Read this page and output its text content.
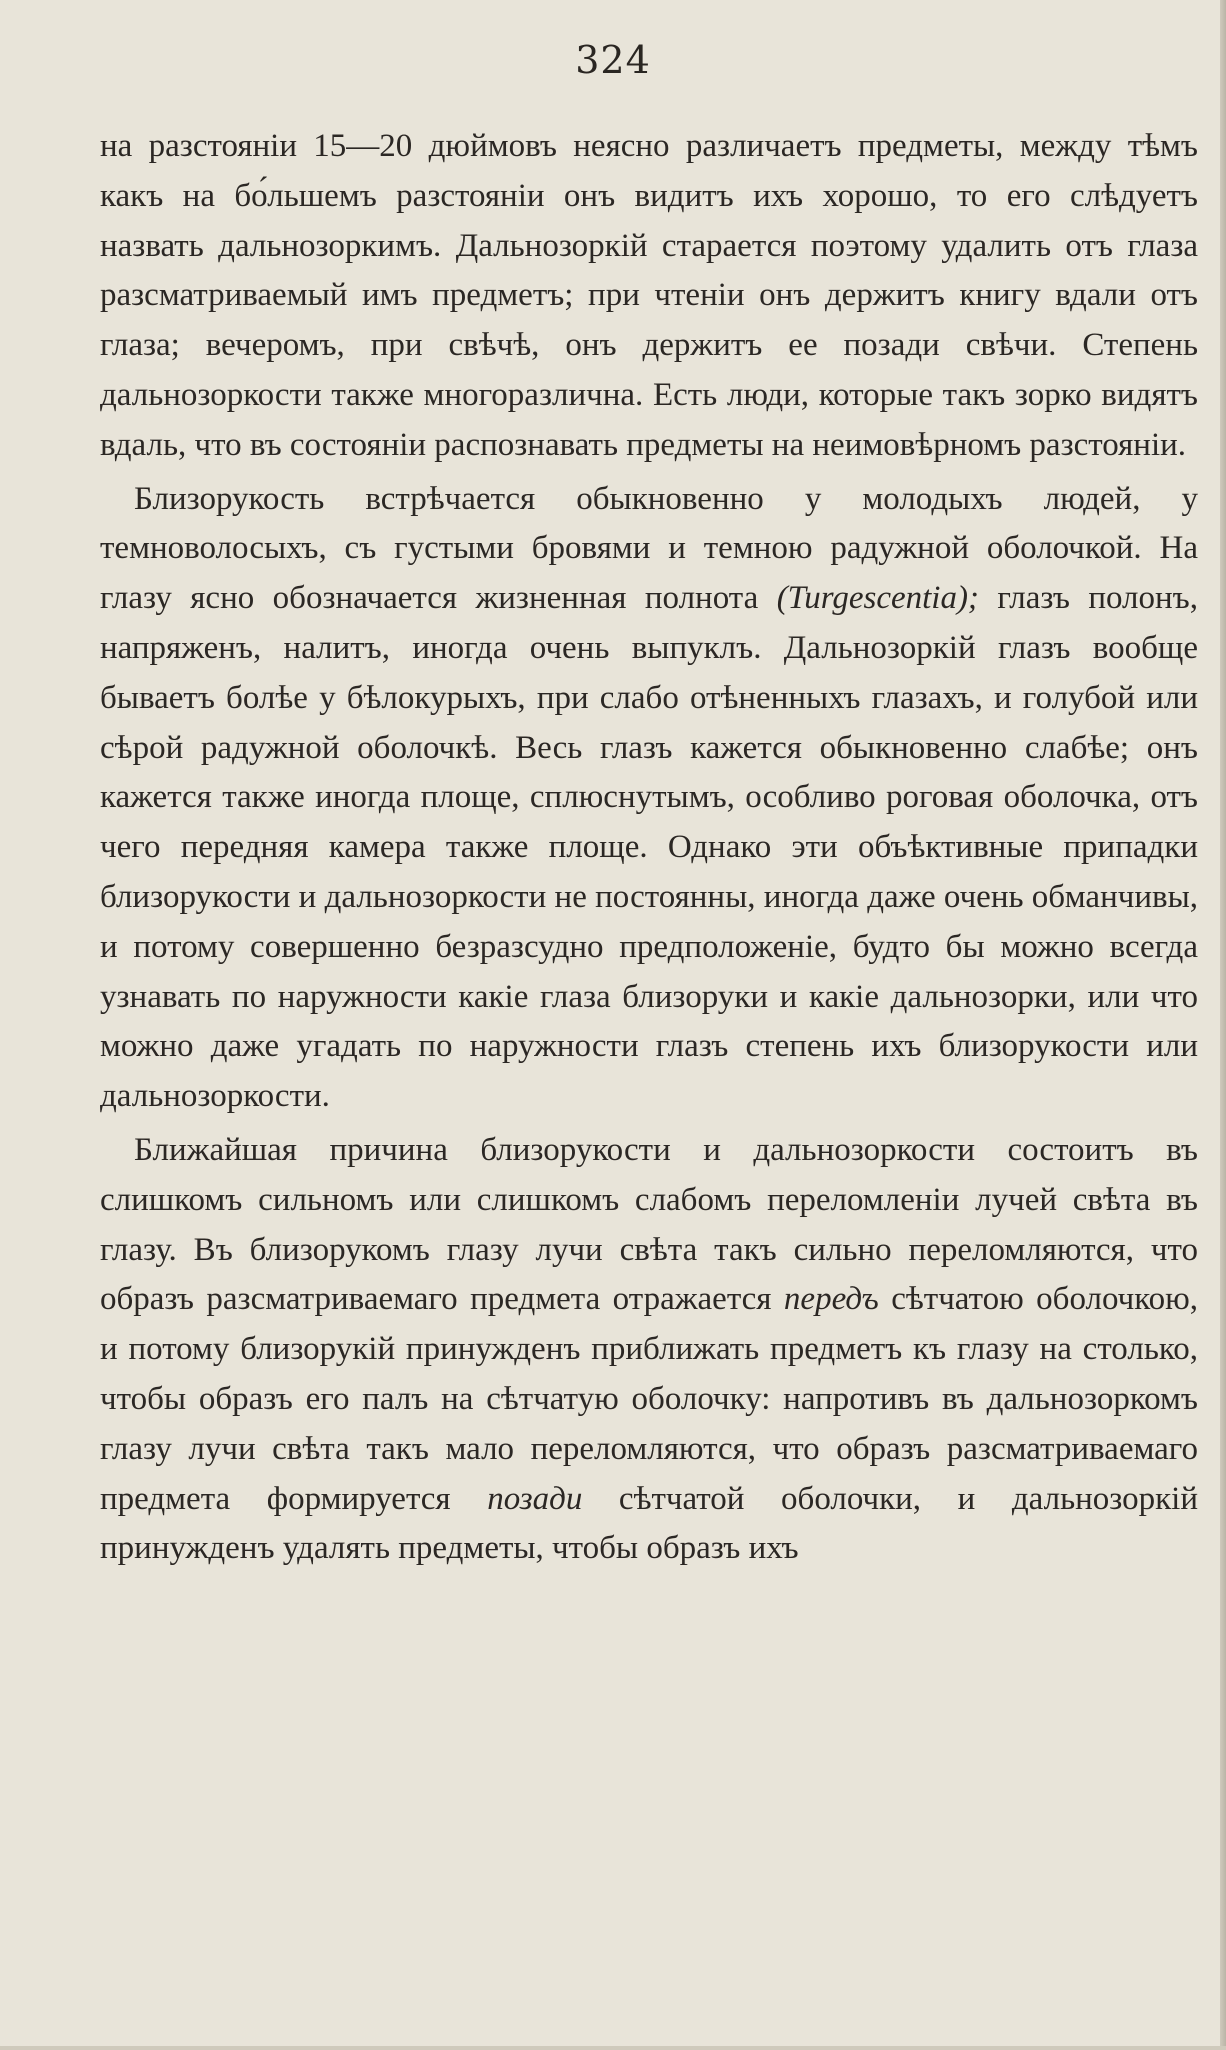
324

на разстояніи 15—20 дюймовъ неясно различаетъ предметы, между тѣмъ какъ на бо́льшемъ разстояніи онъ видитъ ихъ хорошо, то его слѣдуетъ назвать дальнозоркимъ. Дальнозоркій старается поэтому удалить отъ глаза разсматриваемый имъ предметъ; при чтеніи онъ держитъ книгу вдали отъ глаза; вечеромъ, при свѣчѣ, онъ держитъ ее позади свѣчи. Степень дальнозоркости также многоразлична. Есть люди, которые такъ зорко видятъ вдаль, что въ состояніи распознавать предметы на неимовѣрномъ разстояніи.

Близорукость встрѣчается обыкновенно у молодыхъ людей, у темноволосыхъ, съ густыми бровями и темною радужной оболочкой. На глазу ясно обозначается жизненная полнота (Turgescentia); глазъ полонъ, напряженъ, налитъ, иногда очень выпуклъ. Дальнозоркій глазъ вообще бываетъ болѣе у бѣлокурыхъ, при слабо отѣненныхъ глазахъ, и голубой или сѣрой радужной оболочкѣ. Весь глазъ кажется обыкновенно слабѣе; онъ кажется также иногда площе, сплюснутымъ, особливо роговая оболочка, отъ чего передняя камера также площе. Однако эти объѣктивные припадки близорукости и дальнозоркости не постоянны, иногда даже очень обманчивы, и потому совершенно безразсудно предположеніе, будто бы можно всегда узнавать по наружности какіе глаза близоруки и какіе дальнозорки, или что можно даже угадать по наружности глазъ степень ихъ близорукости или дальнозоркости.

Ближайшая причина близорукости и дальнозоркости состоитъ въ слишкомъ сильномъ или слишкомъ слабомъ переломленіи лучей свѣта въ глазу. Въ близорукомъ глазу лучи свѣта такъ сильно переломляются, что образъ разсматриваемаго предмета отражается передъ сѣтчатою оболочкою, и потому близорукій принужденъ приближать предметъ къ глазу на столько, чтобы образъ его палъ на сѣтчатую оболочку: напротивъ въ дальнозоркомъ глазу лучи свѣта такъ мало переломляются, что образъ разсматриваемаго предмета формируется позади сѣтчатой оболочки, и дальнозоркій принужденъ удалять предметы, чтобы образъ ихъ
